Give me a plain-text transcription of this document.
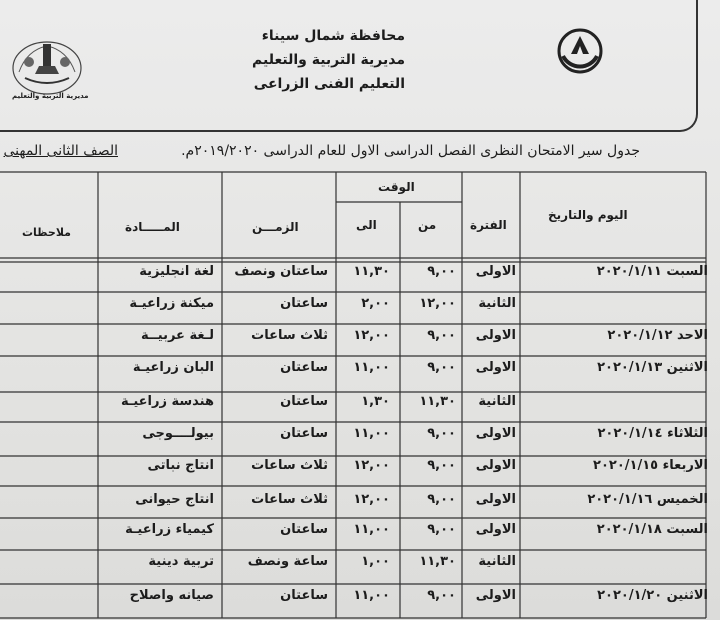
مديرية التربية والتعليم
محافظة شمال سيناء
مديرية التربية والتعليم
التعليم الفنى الزراعى
جدول سير الامتحان النظرى الفصل الدراسى الاول للعام الدراسى ٢٠١٩/٢٠٢٠م.
الصف الثانى المهنى
اليوم والتاريخ
الفترة
الوقت
من
الى
الزمـــن
المـــــادة
ملاحظات
السبت ٢٠٢٠/١/١١
الاولى
٩,٠٠
١١,٣٠
ساعتان ونصف
لغة انجليزية
الثانية
١٢,٠٠
٢,٠٠
ساعتان
ميكنة زراعيـة
الاحد ٢٠٢٠/١/١٢
الاولى
٩,٠٠
١٢,٠٠
ثلاث ساعات
لـغة عربيــة
الاثنين ٢٠٢٠/١/١٣
الاولى
٩,٠٠
١١,٠٠
ساعتان
البان زراعيـة
الثانية
١١,٣٠
١,٣٠
ساعتان
هندسة زراعيـة
الثلاثاء ٢٠٢٠/١/١٤
الاولى
٩,٠٠
١١,٠٠
ساعتان
بيولــــوجى
الاربعاء ٢٠٢٠/١/١٥
الاولى
٩,٠٠
١٢,٠٠
ثلاث ساعات
انتاج نباتى
الخميس ٢٠٢٠/١/١٦
الاولى
٩,٠٠
١٢,٠٠
ثلاث ساعات
انتاج حيوانى
السبت ٢٠٢٠/١/١٨
الاولى
٩,٠٠
١١,٠٠
ساعتان
كيمياء زراعيـة
الثانية
١١,٣٠
١,٠٠
ساعة ونصف
تربية دينية
الاثنين ٢٠٢٠/١/٢٠
الاولى
٩,٠٠
١١,٠٠
ساعتان
صيانه واصلاح
